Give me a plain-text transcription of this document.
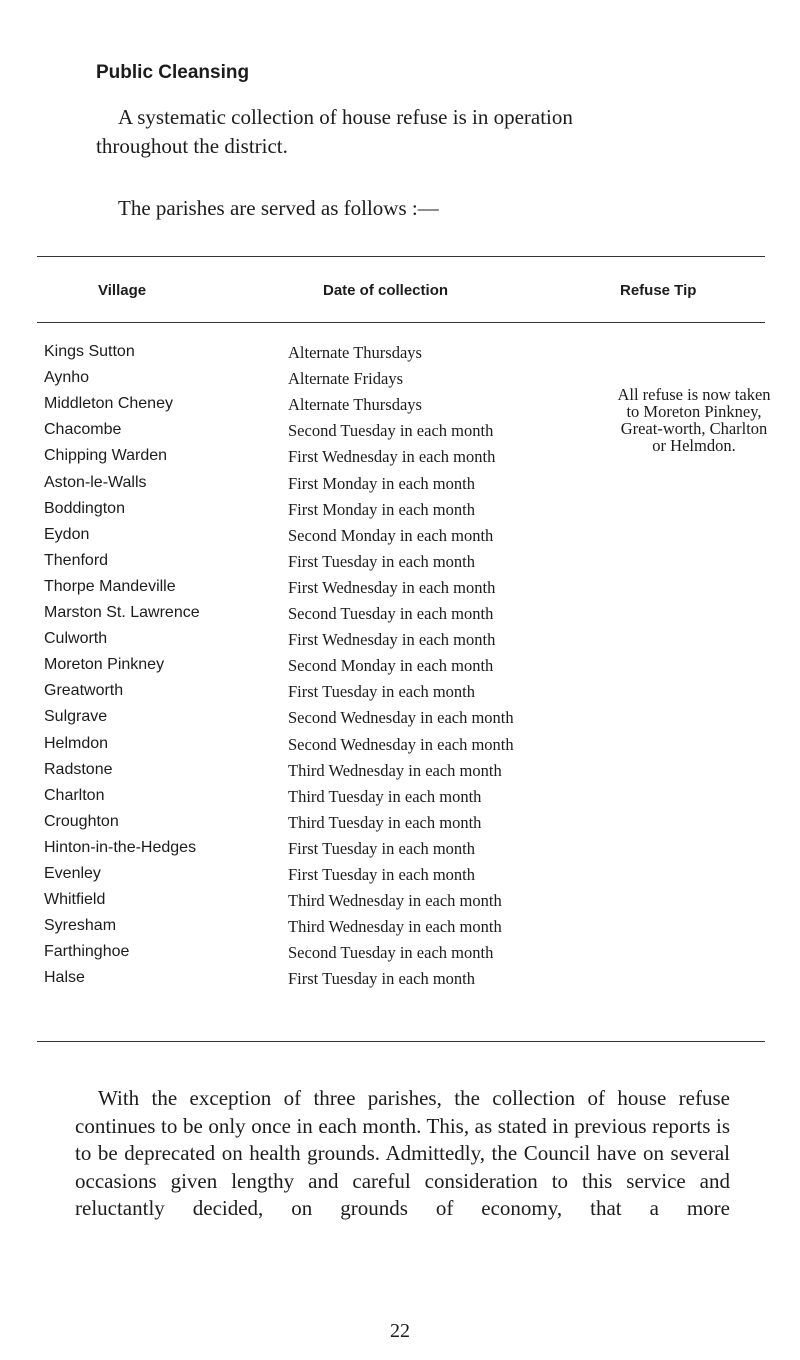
Public Cleansing

A systematic collection of house refuse is in operation

throughout the district.

The parishes are served as follows :—
Village	Date of collection	Refuse Tip
Kings Sutton	Alternate Thursdays
Aynho	Alternate Fridays
Middleton Cheney	Alternate Thursdays
Chacombe	Second Tuesday in each month
Chipping Warden	First Wednesday in each month
Aston-le-Walls	First Monday in each month
Boddington	First Monday in each month
Eydon	Second Monday in each month
Thenford	First Tuesday in each month
Thorpe Mandeville	First Wednesday in each month
Marston St. Lawrence	Second Tuesday in each month
Culworth	First Wednesday in each month
Moreton Pinkney	Second Monday in each month
Greatworth	First Tuesday in each month
Sulgrave	Second Wednesday in each month
Helmdon	Second Wednesday in each month
Radstone	Third Wednesday in each month
Charlton	Third Tuesday in each month
Croughton	Third Tuesday in each month
Hinton-in-the-Hedges	First Tuesday in each month
Evenley	First Tuesday in each month
Whitfield	Third Wednesday in each month
Syresham	Third Wednesday in each month
Farthinghoe	Second Tuesday in each month
Halse	First Tuesday in each month
All refuse is now taken to Moreton Pinkney, Great-worth, Charlton or Helmdon.
With the exception of three parishes, the collection of house refuse continues to be only once in each month. This, as stated in previous reports is to be deprecated on health grounds. Admittedly, the Council have on several occasions given lengthy and careful consideration to this service and reluctantly decided, on grounds of economy, that a more
22
